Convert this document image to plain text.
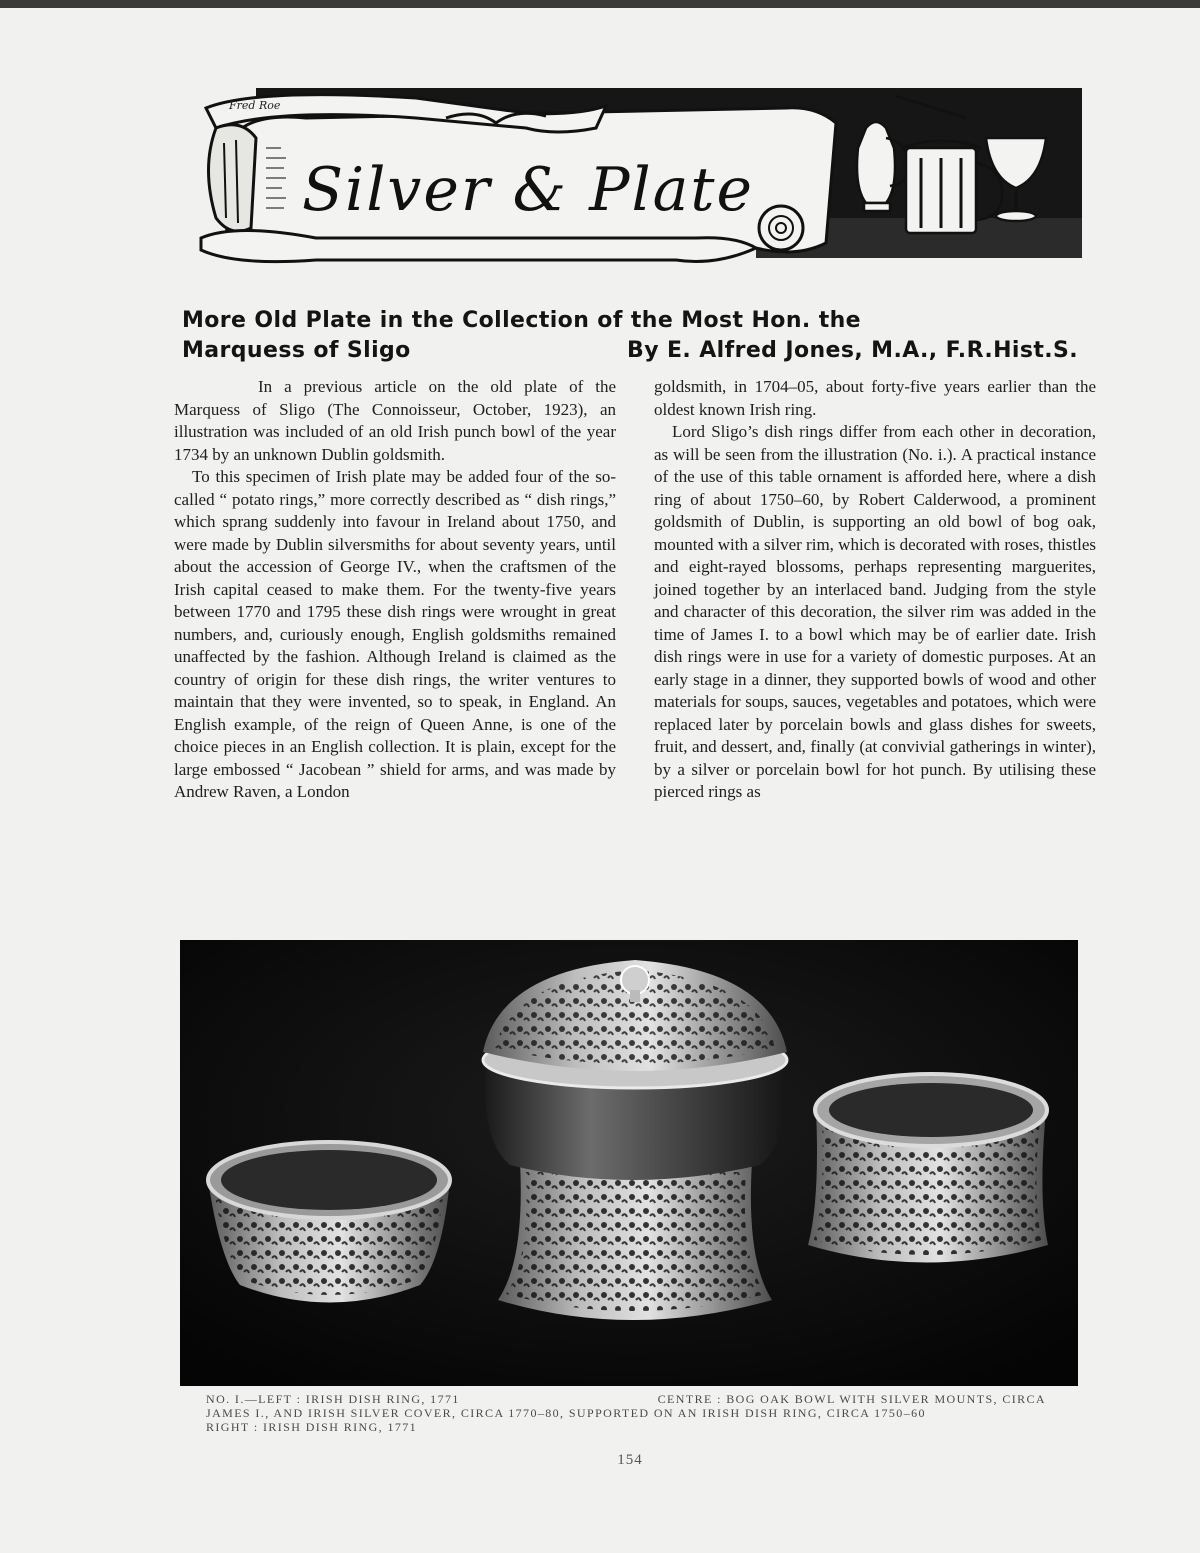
Silver & Plate
Fred Roe
More Old Plate in the Collection of the Most Hon. the
Marquess of Sligo	By E. Alfred Jones, M.A., F.R.Hist.S.

In a previous article on the old plate of the Marquess of Sligo (The Connoisseur, October, 1923), an illustration was included of an old Irish punch bowl of the year 1734 by an unknown Dublin goldsmith.

To this specimen of Irish plate may be added four of the so-called “ potato rings,” more correctly described as “ dish rings,” which sprang suddenly into favour in Ireland about 1750, and were made by Dublin silversmiths for about seventy years, until about the accession of George IV., when the craftsmen of the Irish capital ceased to make them. For the twenty-five years between 1770 and 1795 these dish rings were wrought in great numbers, and, curiously enough, English goldsmiths remained unaffected by the fashion. Although Ireland is claimed as the country of origin for these dish rings, the writer ventures to maintain that they were invented, so to speak, in England. An English example, of the reign of Queen Anne, is one of the choice pieces in an English collection. It is plain, except for the large embossed “ Jacobean ” shield for arms, and was made by Andrew Raven, a London

goldsmith, in 1704–05, about forty-five years earlier than the oldest known Irish ring.

Lord Sligo’s dish rings differ from each other in decoration, as will be seen from the illustration (No. i.). A practical instance of the use of this table ornament is afforded here, where a dish ring of about 1750–60, by Robert Calderwood, a prominent goldsmith of Dublin, is supporting an old bowl of bog oak, mounted with a silver rim, which is decorated with roses, thistles and eight-rayed blossoms, perhaps representing marguerites, joined together by an interlaced band. Judging from the style and character of this decoration, the silver rim was added in the time of James I. to a bowl which may be of earlier date. Irish dish rings were in use for a variety of domestic purposes. At an early stage in a dinner, they supported bowls of wood and other materials for soups, sauces, vegetables and potatoes, which were replaced later by porcelain bowls and glass dishes for sweets, fruit, and dessert, and, finally (at convivial gatherings in winter), by a silver or porcelain bowl for hot punch. By utilising these pierced rings as

NO. I.—LEFT : IRISH DISH RING, 1771	CENTRE : BOG OAK BOWL WITH SILVER MOUNTS, CIRCA
JAMES I., AND IRISH SILVER COVER, CIRCA 1770–80, SUPPORTED ON AN IRISH DISH RING, CIRCA 1750–60
RIGHT : IRISH DISH RING, 1771
154
